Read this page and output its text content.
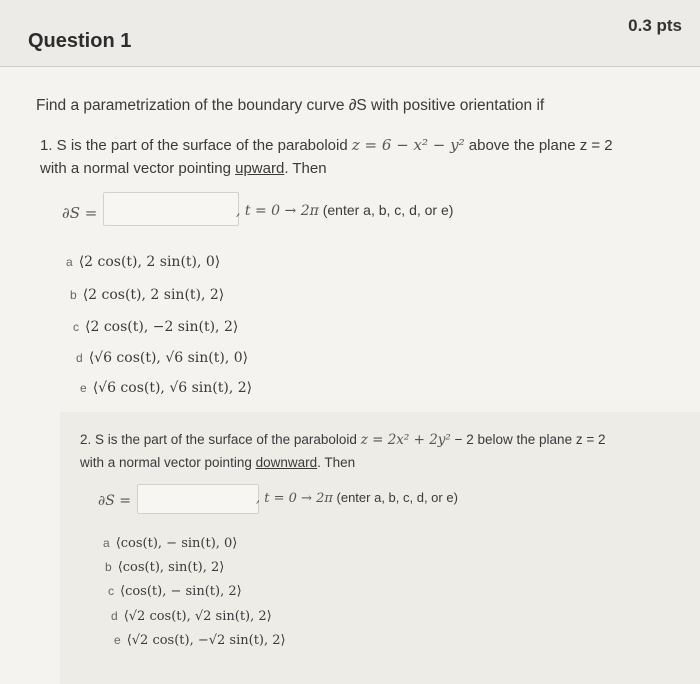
Question 1
0.3 pts
Find a parametrization of the boundary curve ∂S with positive orientation if
1. S is the part of the surface of the paraboloid z = 6 − x² − y² above the plane z = 2
with a normal vector pointing upward. Then
∂S =	, t = 0 → 2π (enter a, b, c, d, or e)
a ⟨2 cos(t), 2 sin(t), 0⟩
b ⟨2 cos(t), 2 sin(t), 2⟩
c ⟨2 cos(t), −2 sin(t), 2⟩
d ⟨√6 cos(t), √6 sin(t), 0⟩
e ⟨√6 cos(t), √6 sin(t), 2⟩
2. S is the part of the surface of the paraboloid z = 2x² + 2y² − 2 below the plane z = 2
with a normal vector pointing downward. Then
∂S =	, t = 0 → 2π (enter a, b, c, d, or e)
a ⟨cos(t), − sin(t), 0⟩
b ⟨cos(t), sin(t), 2⟩
c ⟨cos(t), − sin(t), 2⟩
d ⟨√2 cos(t), √2 sin(t), 2⟩
e ⟨√2 cos(t), −√2 sin(t), 2⟩
